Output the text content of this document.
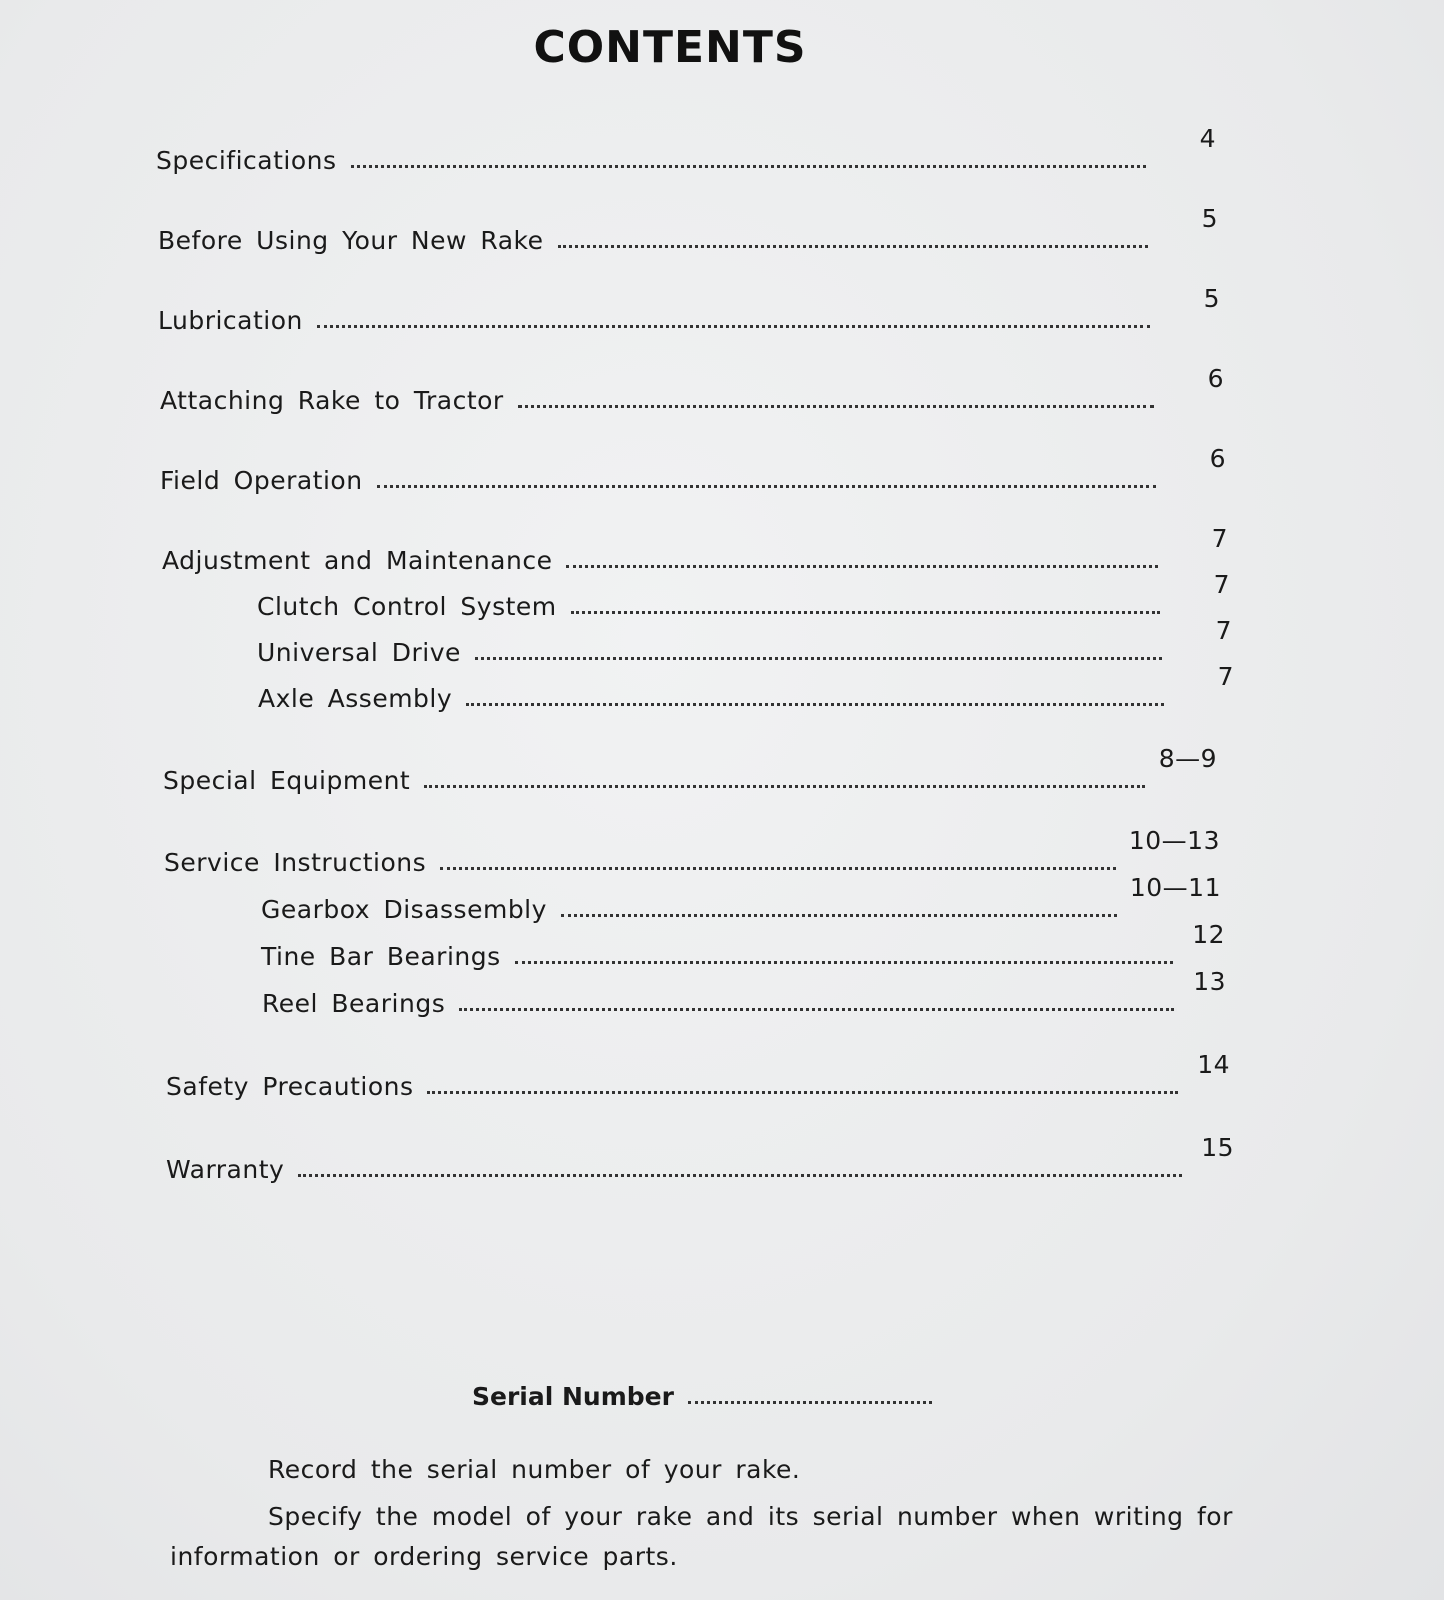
CONTENTS
Specifications
4
Before Using Your New Rake
5
Lubrication
5
Attaching Rake to Tractor
6
Field Operation
6
Adjustment and Maintenance
7
Clutch Control System
7
Universal Drive
7
Axle Assembly
7
Special Equipment
8—9
Service Instructions
10—13
Gearbox Disassembly
10—11
Tine Bar Bearings
12
Reel Bearings
13
Safety Precautions
14
Warranty
15
Serial Number
Record the serial number of your rake.
Specify the model of your rake and its serial number when writing for
information or ordering service parts.
